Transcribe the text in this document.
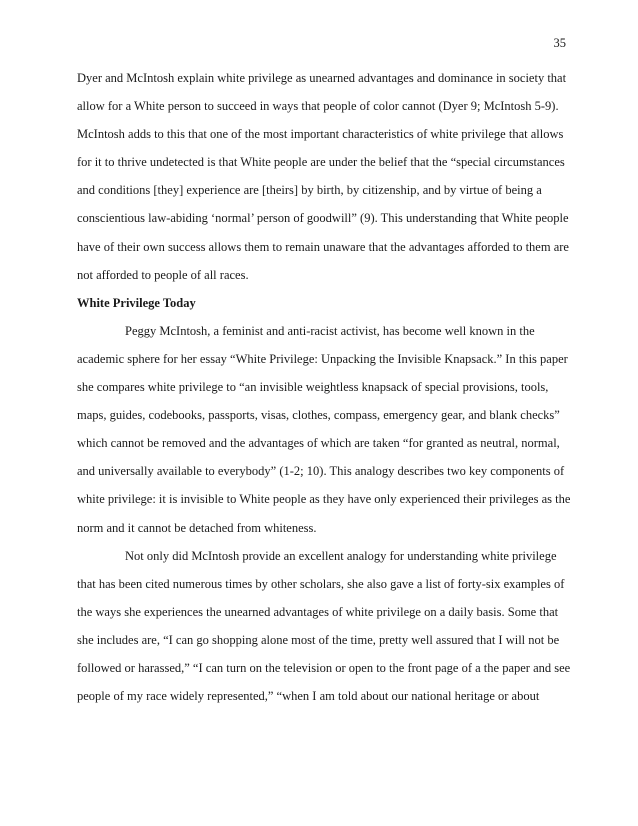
35

Dyer and McIntosh explain white privilege as unearned advantages and dominance in society that allow for a White person to succeed in ways that people of color cannot (Dyer 9; McIntosh 5-9). McIntosh adds to this that one of the most important characteristics of white privilege that allows for it to thrive undetected is that White people are under the belief that the “special circumstances and conditions [they] experience are [theirs] by birth, by citizenship, and by virtue of being a conscientious law-abiding ‘normal’ person of goodwill” (9). This understanding that White people have of their own success allows them to remain unaware that the advantages afforded to them are not afforded to people of all races.

White Privilege Today

Peggy McIntosh, a feminist and anti-racist activist, has become well known in the academic sphere for her essay “White Privilege: Unpacking the Invisible Knapsack.” In this paper she compares white privilege to “an invisible weightless knapsack of special provisions, tools, maps, guides, codebooks, passports, visas, clothes, compass, emergency gear, and blank checks” which cannot be removed and the advantages of which are taken “for granted as neutral, normal, and universally available to everybody” (1-2; 10). This analogy describes two key components of white privilege: it is invisible to White people as they have only experienced their privileges as the norm and it cannot be detached from whiteness.

Not only did McIntosh provide an excellent analogy for understanding white privilege that has been cited numerous times by other scholars, she also gave a list of forty-six examples of the ways she experiences the unearned advantages of white privilege on a daily basis. Some that she includes are, “I can go shopping alone most of the time, pretty well assured that I will not be followed or harassed,” “I can turn on the television or open to the front page of a the paper and see people of my race widely represented,” “when I am told about our national heritage or about
